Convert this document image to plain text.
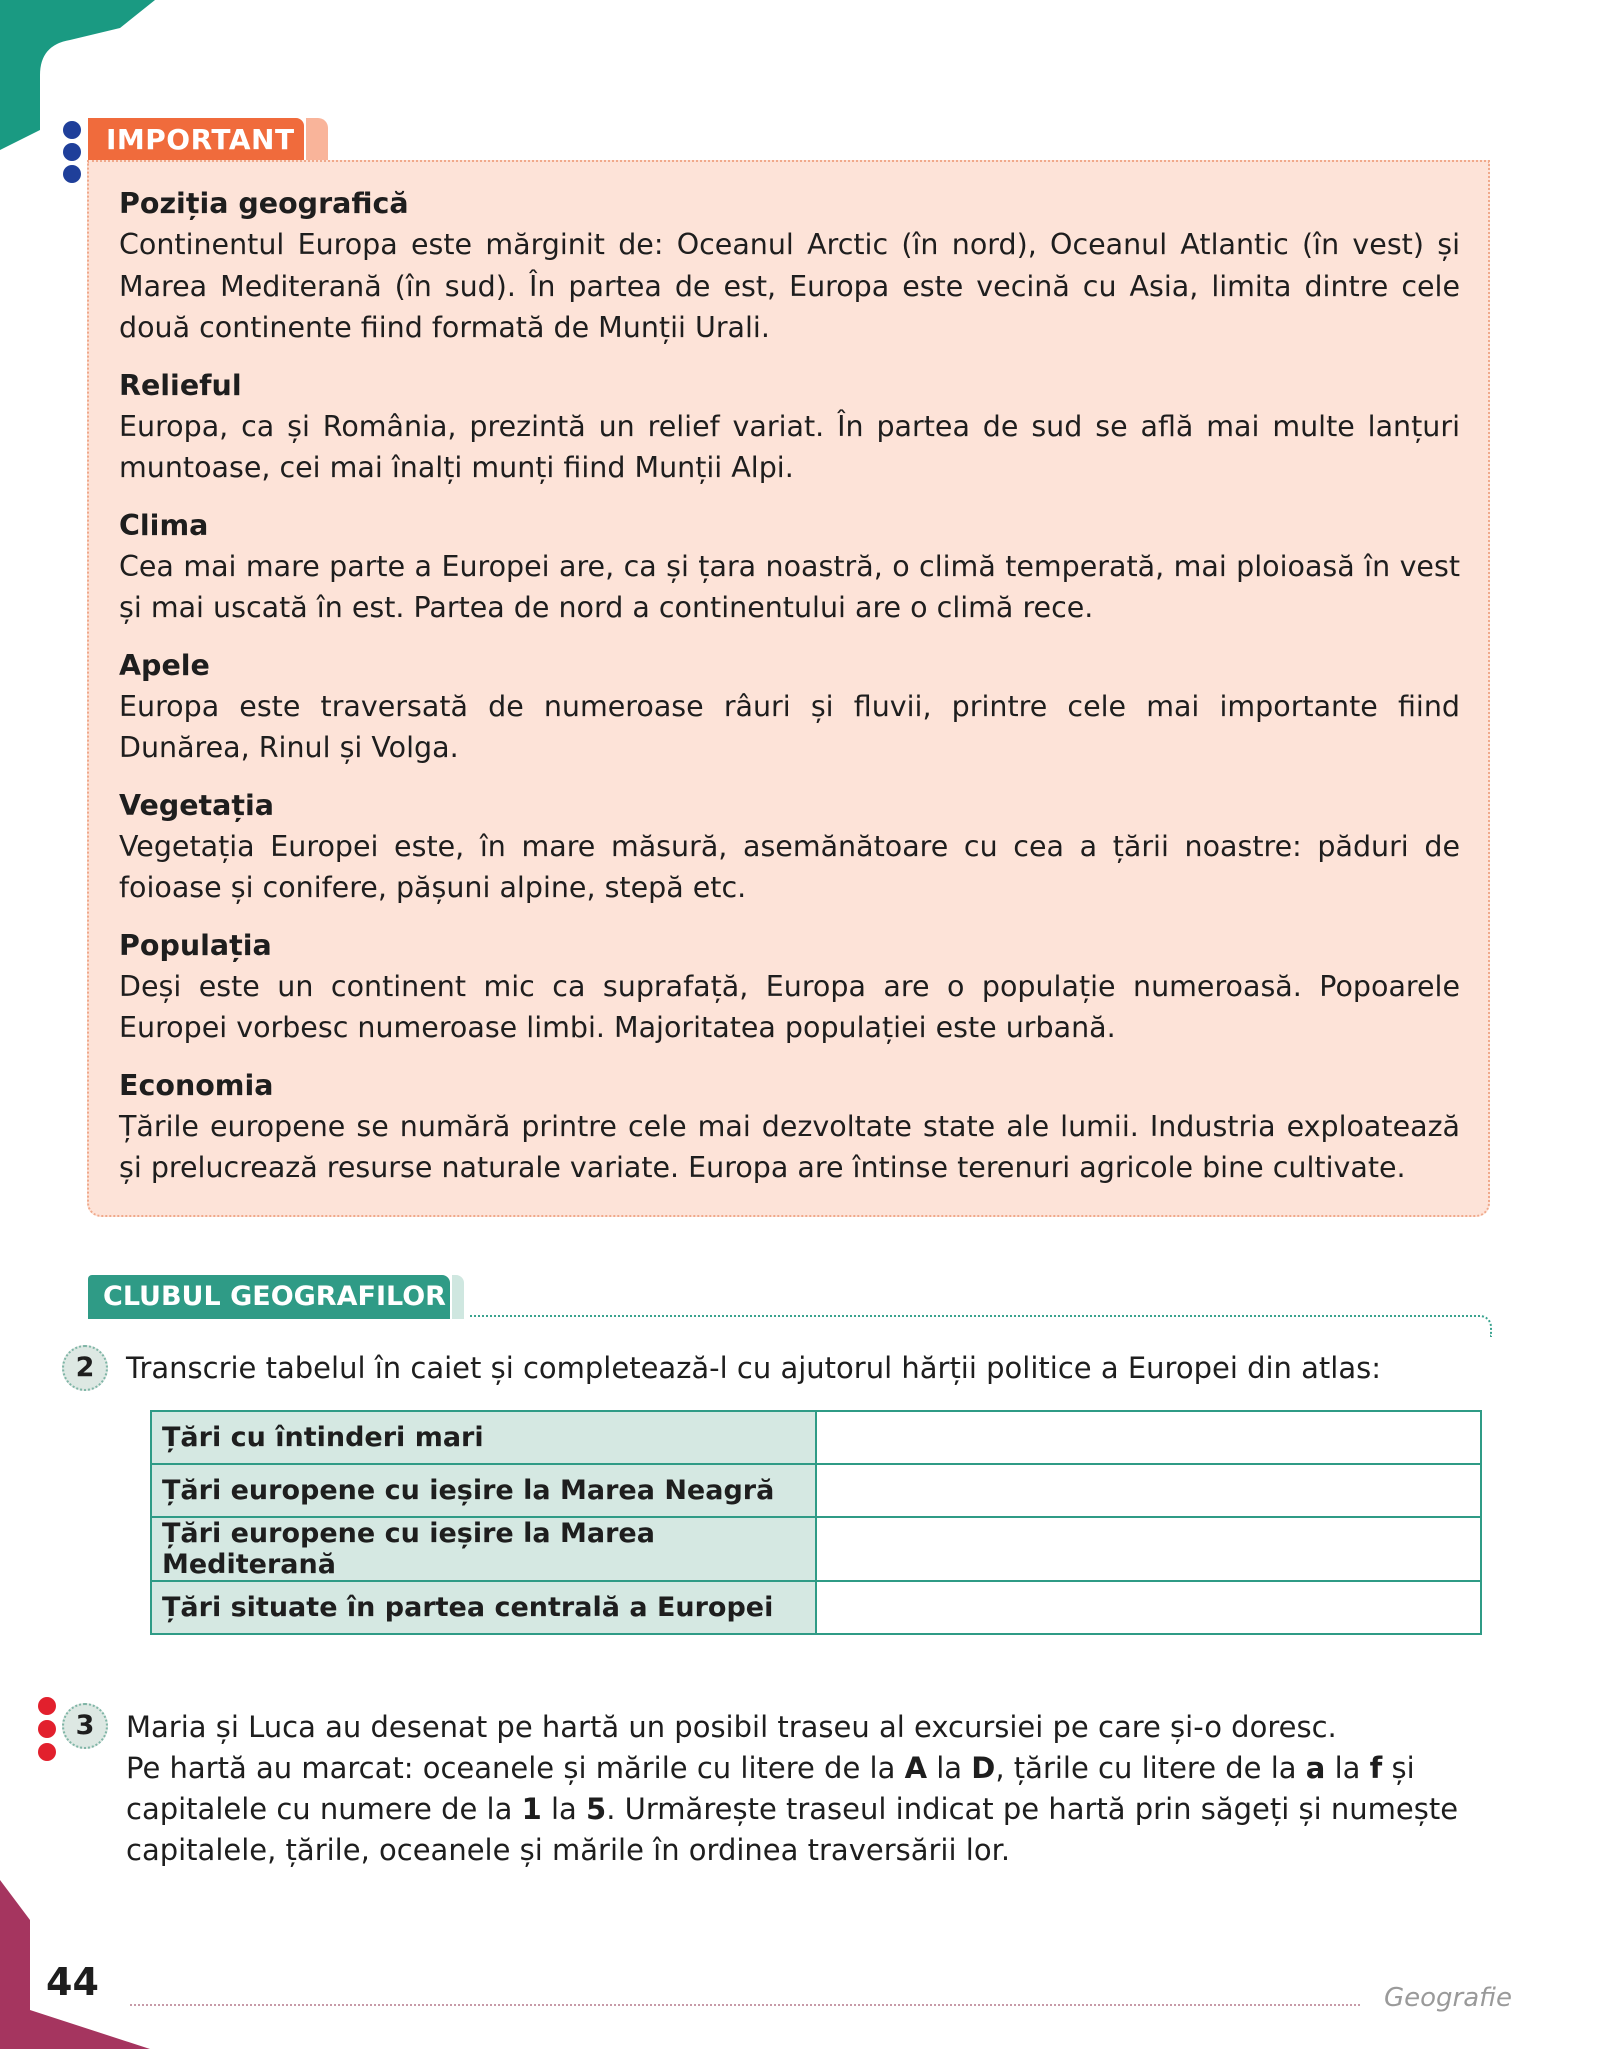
IMPORTANT
Poziția geografică

Continentul Europa este mărginit de: Oceanul Arctic (în nord), Oceanul Atlantic (în vest) și Marea Mediterană (în sud). În partea de est, Europa este vecină cu Asia, limita dintre cele două continente fiind formată de Munții Urali.

Relieful

Europa, ca și România, prezintă un relief variat. În partea de sud se află mai multe lanțuri muntoase, cei mai înalți munți fiind Munții Alpi.

Clima

Cea mai mare parte a Europei are, ca și țara noastră, o climă temperată, mai ploioasă în vest și mai uscată în est. Partea de nord a continentului are o climă rece.

Apele

Europa este traversată de numeroase râuri și fluvii, printre cele mai importante fiind Dunărea, Rinul și Volga.

Vegetația

Vegetația Europei este, în mare măsură, asemănătoare cu cea a țării noastre: păduri de foioase și conifere, pășuni alpine, stepă etc.

Populația

Deși este un continent mic ca suprafață, Europa are o populație numeroasă. Popoarele Europei vorbesc numeroase limbi. Majoritatea populației este urbană.

Economia

Țările europene se numără printre cele mai dezvoltate state ale lumii. Industria exploatează și prelucrează resurse naturale variate. Europa are întinse terenuri agricole bine cultivate.

CLUBUL GEOGRAFILOR
2	Transcrie tabelul în caiet și completează-l cu ajutorul hărții politice a Europei din atlas:
Țări cu întinderi mari	
Țări europene cu ieșire la Marea Neagră	
Țări europene cu ieșire la Marea Mediterană	
Țări situate în partea centrală a Europei	
3	Maria și Luca au desenat pe hartă un posibil traseu al excursiei pe care și-o doresc.
Pe hartă au marcat: oceanele și mările cu litere de la A la D, țările cu litere de la a la f și capitalele cu numere de la 1 la 5. Urmărește traseul indicat pe hartă prin săgeți și numește capitalele, țările, oceanele și mările în ordinea traversării lor.
44	Geografie
